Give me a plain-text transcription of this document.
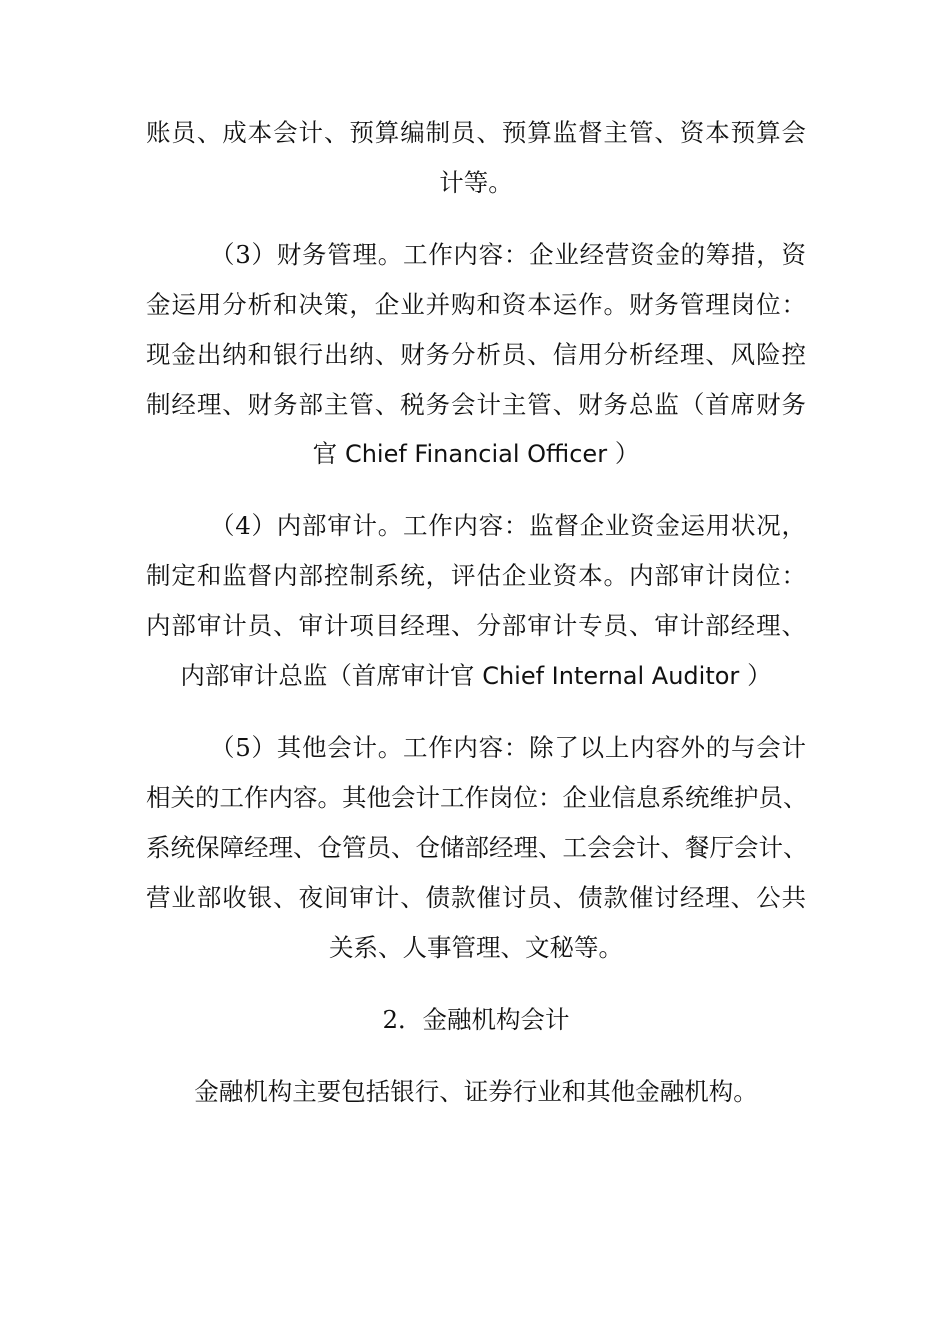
账员、成本会计、预算编制员、预算监督主管、资本预算会
计等。
（3）财务管理。工作内容：企业经营资金的筹措，资
金运用分析和决策，企业并购和资本运作。财务管理岗位：
现金出纳和银行出纳、财务分析员、信用分析经理、风险控
制经理、财务部主管、税务会计主管、财务总监（首席财务
官 Chief Financial Officer ）
（4）内部审计。工作内容：监督企业资金运用状况，
制定和监督内部控制系统，评估企业资本。内部审计岗位：
内部审计员、审计项目经理、分部审计专员、审计部经理、
内部审计总监（首席审计官 Chief Internal Auditor ）
（5）其他会计。工作内容：除了以上内容外的与会计
相关的工作内容。其他会计工作岗位：企业信息系统维护员、
系统保障经理、仓管员、仓储部经理、工会会计、餐厅会计、
营业部收银、夜间审计、债款催讨员、债款催讨经理、公共
关系、人事管理、文秘等。
2．金融机构会计
金融机构主要包括银行、证券行业和其他金融机构。
